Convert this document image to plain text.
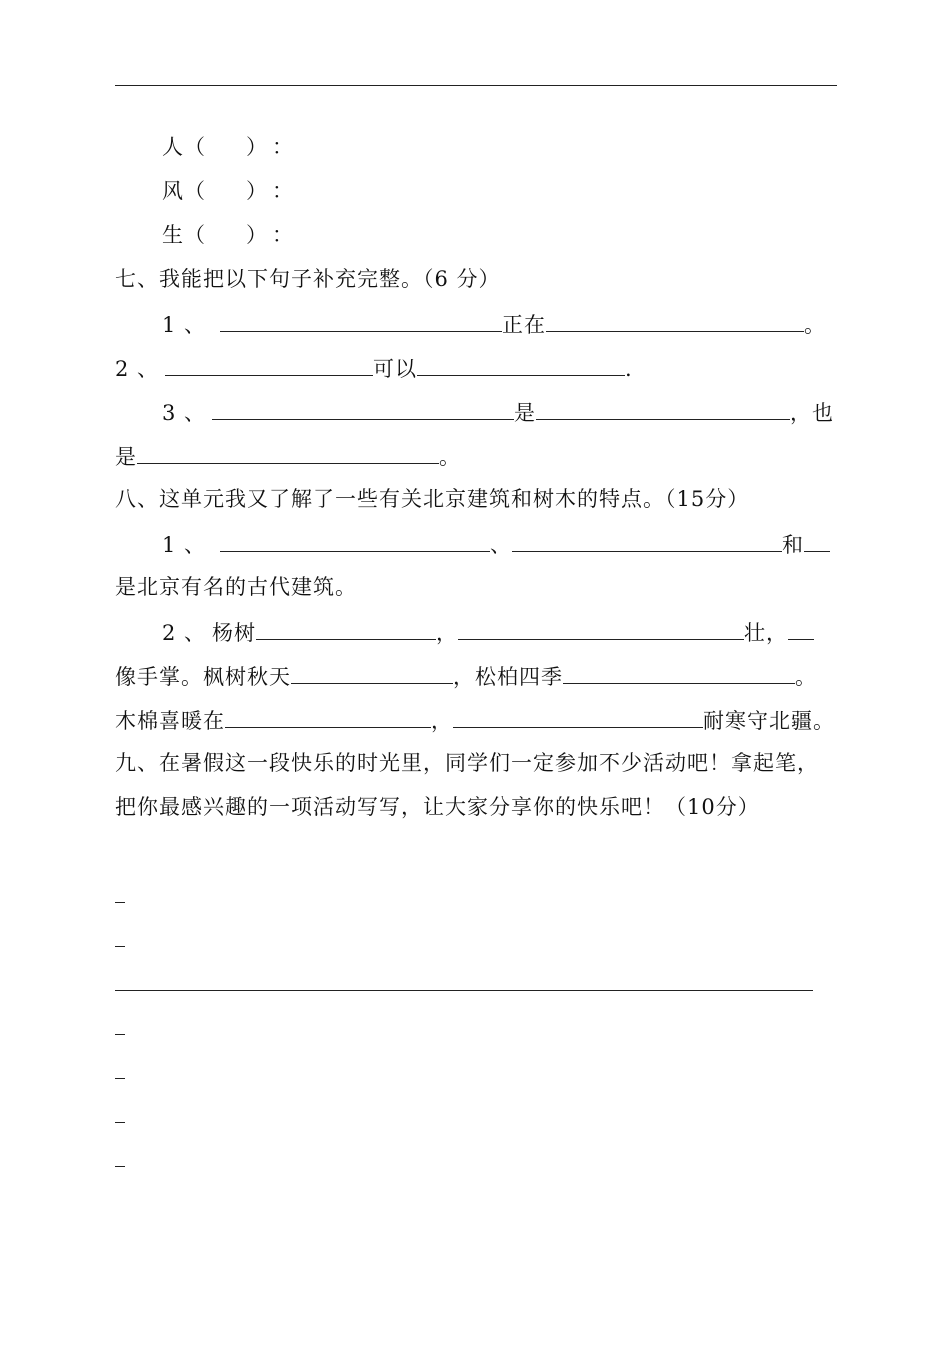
人（ ） ：
风（ ） ：
生（ ） ：
七、我能把以下句子补充完整。（6 分）
1 、	正在	。
2 、	可以	.
3 、	是	，也
是	。
八、这单元我又了解了一些有关北京建筑和树木的特点。（15分）
1 、	、	和
是北京有名的古代建筑。
2 、 杨树	，	壮，
像手掌。枫树秋天	，松柏四季	。
木棉喜暖在	，	耐寒守北疆。
九、在暑假这一段快乐的时光里，同学们一定参加不少活动吧！拿起笔，
把你最感兴趣的一项活动写写，让大家分享你的快乐吧！（10分）
